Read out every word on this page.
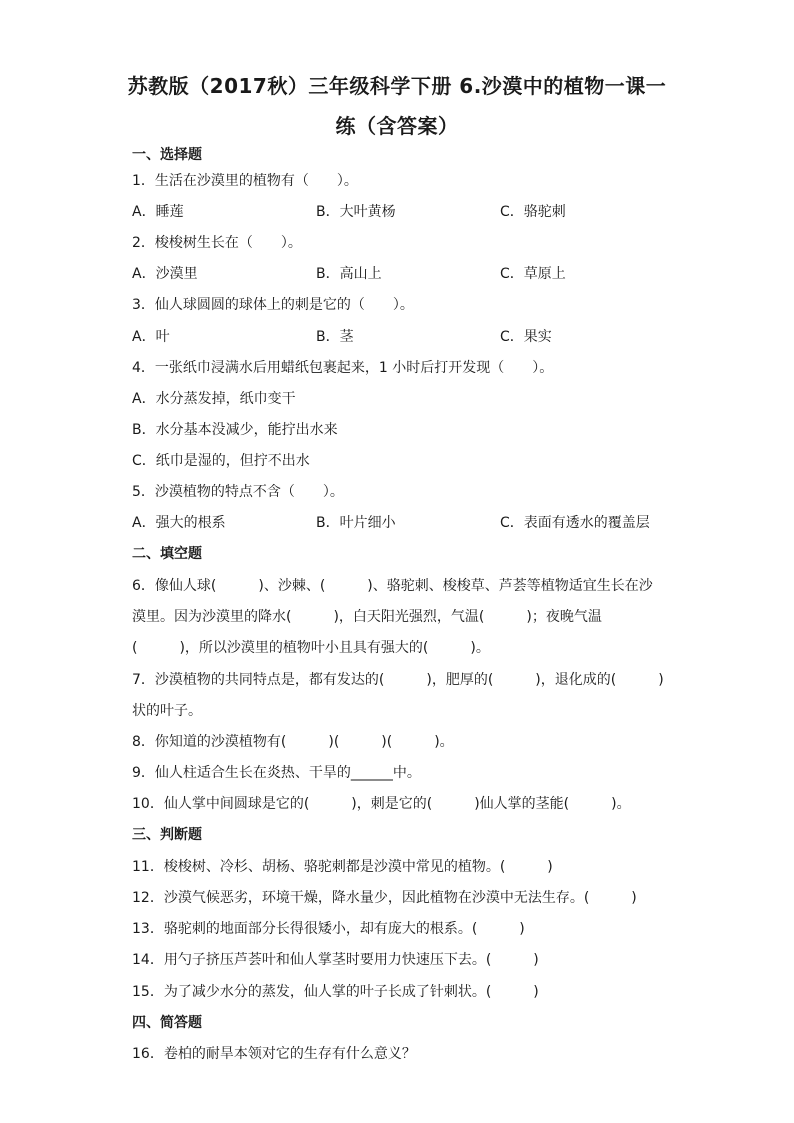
苏教版（2017秋）三年级科学下册 6.沙漠中的植物一课一
练（含答案）
一、选择题
1．生活在沙漠里的植物有（　　）。
A．睡莲	B．大叶黄杨	C．骆驼刺
2．梭梭树生长在（　　）。
A．沙漠里	B．高山上	C．草原上
3．仙人球圆圆的球体上的刺是它的（　　）。
A．叶	B．茎	C．果实
4．一张纸巾浸满水后用蜡纸包裹起来，1 小时后打开发现（　　）。
A．水分蒸发掉，纸巾变干
B．水分基本没减少，能拧出水来
C．纸巾是湿的，但拧不出水
5．沙漠植物的特点不含（　　）。
A．强大的根系	B．叶片细小	C．表面有透水的覆盖层
二、填空题
6．像仙人球(　　　)、沙棘、(　　　)、骆驼刺、梭梭草、芦荟等植物适宜生长在沙
漠里。因为沙漠里的降水(　　　)，白天阳光强烈，气温(　　　)；夜晚气温
(　　　)，所以沙漠里的植物叶小且具有强大的(　　　)。
7．沙漠植物的共同特点是，都有发达的(　　　)，肥厚的(　　　)，退化成的(　　　)
状的叶子。
8．你知道的沙漠植物有(　　　)(　　　)(　　　)。
9．仙人柱适合生长在炎热、干旱的______中。
10．仙人掌中间圆球是它的(　　　)，刺是它的(　　　)仙人掌的茎能(　　　)。
三、判断题
11．梭梭树、冷杉、胡杨、骆驼刺都是沙漠中常见的植物。(　　　)
12．沙漠气候恶劣，环境干燥，降水量少，因此植物在沙漠中无法生存。(　　　)
13．骆驼刺的地面部分长得很矮小，却有庞大的根系。(　　　)
14．用勺子挤压芦荟叶和仙人掌茎时要用力快速压下去。(　　　)
15．为了减少水分的蒸发，仙人掌的叶子长成了针刺状。(　　　)
四、简答题
16．卷柏的耐旱本领对它的生存有什么意义？
